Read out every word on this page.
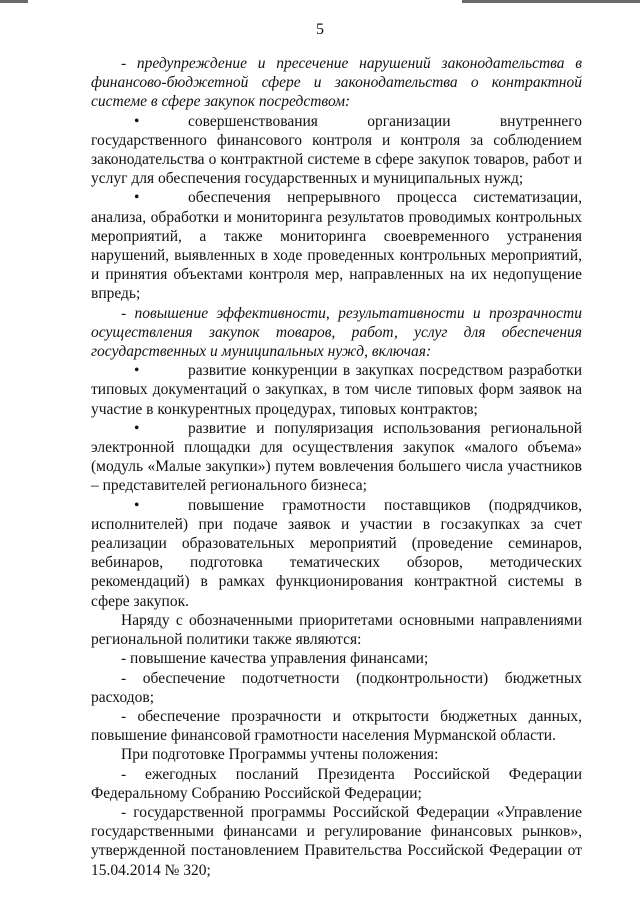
5

- предупреждение и пресечение нарушений законодательства в финансово-бюджетной сфере и законодательства о контрактной системе в сфере закупок посредством:

•	совершенствования организации внутреннего государственного финансового контроля и контроля за соблюдением законодательства о контрактной системе в сфере закупок товаров, работ и услуг для обеспечения государственных и муниципальных нужд;

•	обеспечения непрерывного процесса систематизации, анализа, обработки и мониторинга результатов проводимых контрольных мероприятий, а также мониторинга своевременного устранения нарушений, выявленных в ходе проведенных контрольных мероприятий, и принятия объектами контроля мер, направленных на их недопущение впредь;

- повышение эффективности, результативности и прозрачности осуществления закупок товаров, работ, услуг для обеспечения государственных и муниципальных нужд, включая:

•	развитие конкуренции в закупках посредством разработки типовых документаций о закупках, в том числе типовых форм заявок на участие в конкурентных процедурах, типовых контрактов;

•	развитие и популяризация использования региональной электронной площадки для осуществления закупок «малого объема» (модуль «Малые закупки») путем вовлечения большего числа участников – представителей регионального бизнеса;

•	повышение грамотности поставщиков (подрядчиков, исполнителей) при подаче заявок и участии в госзакупках за счет реализации образовательных мероприятий (проведение семинаров, вебинаров, подготовка тематических обзоров, методических рекомендаций) в рамках функционирования контрактной системы в сфере закупок.

Наряду с обозначенными приоритетами основными направлениями региональной политики также являются:

- повышение качества управления финансами;

- обеспечение подотчетности (подконтрольности) бюджетных расходов;

- обеспечение прозрачности и открытости бюджетных данных, повышение финансовой грамотности населения Мурманской области.

При подготовке Программы учтены положения:

- ежегодных посланий Президента Российской Федерации Федеральному Собранию Российской Федерации;

- государственной программы Российской Федерации «Управление государственными финансами и регулирование финансовых рынков», утвержденной постановлением Правительства Российской Федерации от 15.04.2014 № 320;
